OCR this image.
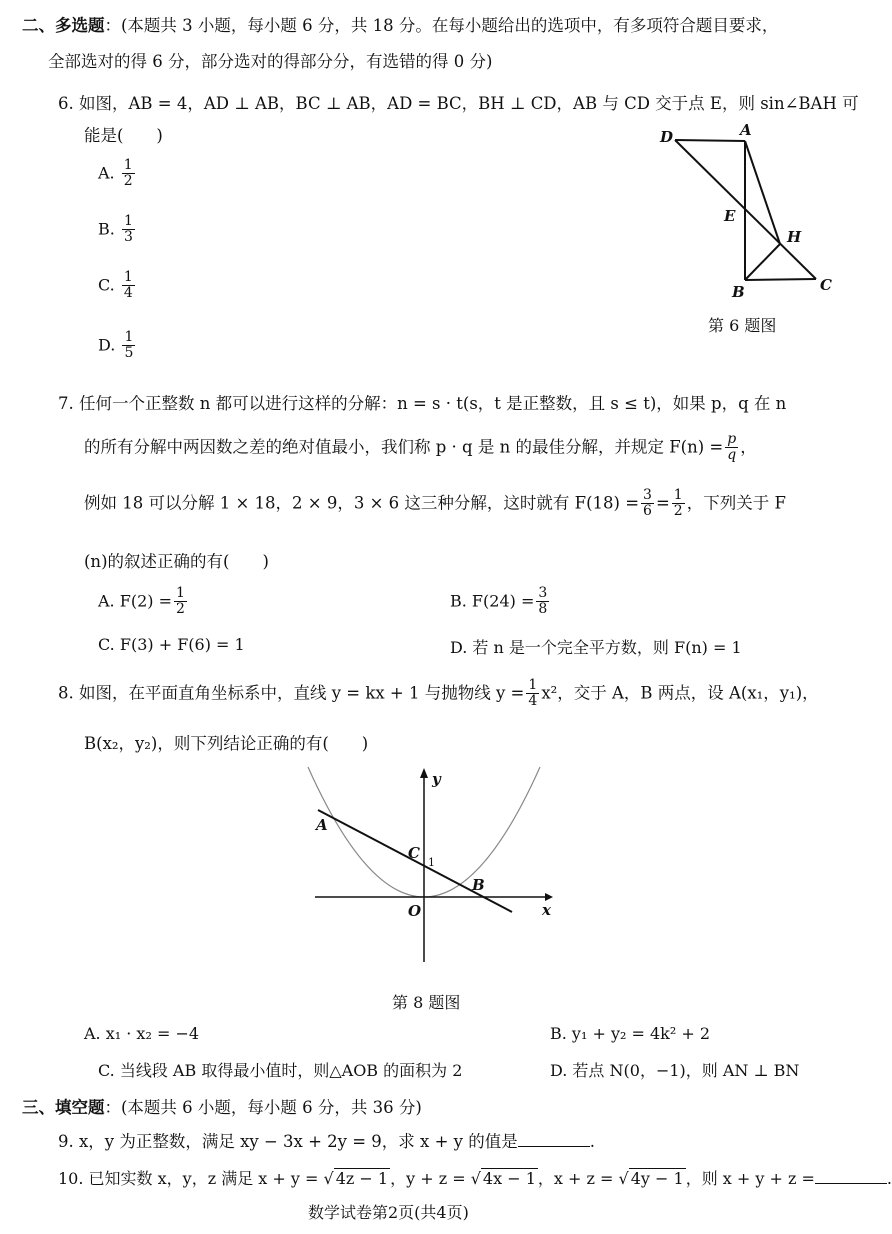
二、多选题：(本题共 3 小题，每小题 6 分，共 18 分。在每小题给出的选项中，有多项符合题目要求，
全部选对的得 6 分，部分选对的得部分分，有选错的得 0 分)
6. 如图，AB = 4，AD ⊥ AB，BC ⊥ AB，AD = BC，BH ⊥ CD，AB 与 CD 交于点 E，则 sin∠BAH 可
能是(　　)
A. $\frac{1}{2}$
B. $\frac{1}{3}$
C. $\frac{1}{4}$
D. $\frac{1}{5}$
D	A
E
H
B	C
第 6 题图
7. 任何一个正整数 n 都可以进行这样的分解：n = s · t(s，t 是正整数，且 s ≤ t)，如果 p，q 在 n
的所有分解中两因数之差的绝对值最小，我们称 p · q 是 n 的最佳分解，并规定 $F(n) = \frac{p}{q}$ ，
例如 18 可以分解 1 × 18，2 × 9，3 × 6 这三种分解，这时就有 $F(18) = \frac{3}{6} = \frac{1}{2}$ ，下列关于 F
(n)的叙述正确的有(　　)
A. $F(2) = \frac{1}{2}$	B. $F(24) = \frac{3}{8}$
C. F(3) + F(6) = 1	D. 若 n 是一个完全平方数，则 F(n) = 1
8. 如图，在平面直角坐标系中，直线 y = kx + 1 与抛物线 $y = \frac{1}{4} x^2$，交于 A，B 两点，设 A(x₁，y₁)，
B(x₂，y₂)，则下列结论正确的有(　　)
y
x
A
C
B
O
1
第 8 题图
A. x₁ · x₂ = −4	B. y₁ + y₂ = 4k² + 2
C. 当线段 AB 取得最小值时，则△AOB 的面积为 2	D. 若点 N(0，−1)，则 AN ⊥ BN
三、填空题：(本题共 6 小题，每小题 6 分，共 36 分)
9. x，y 为正整数，满足 xy − 3x + 2y = 9，求 x + y 的值是	.
10. 已知实数 x，y，z 满足 x + y = √ 4z − 1 ，y + z = √ 4x − 1 ，x + z = √ 4y − 1 ，则 x + y + z =	.
数学试卷第2页(共4页)
